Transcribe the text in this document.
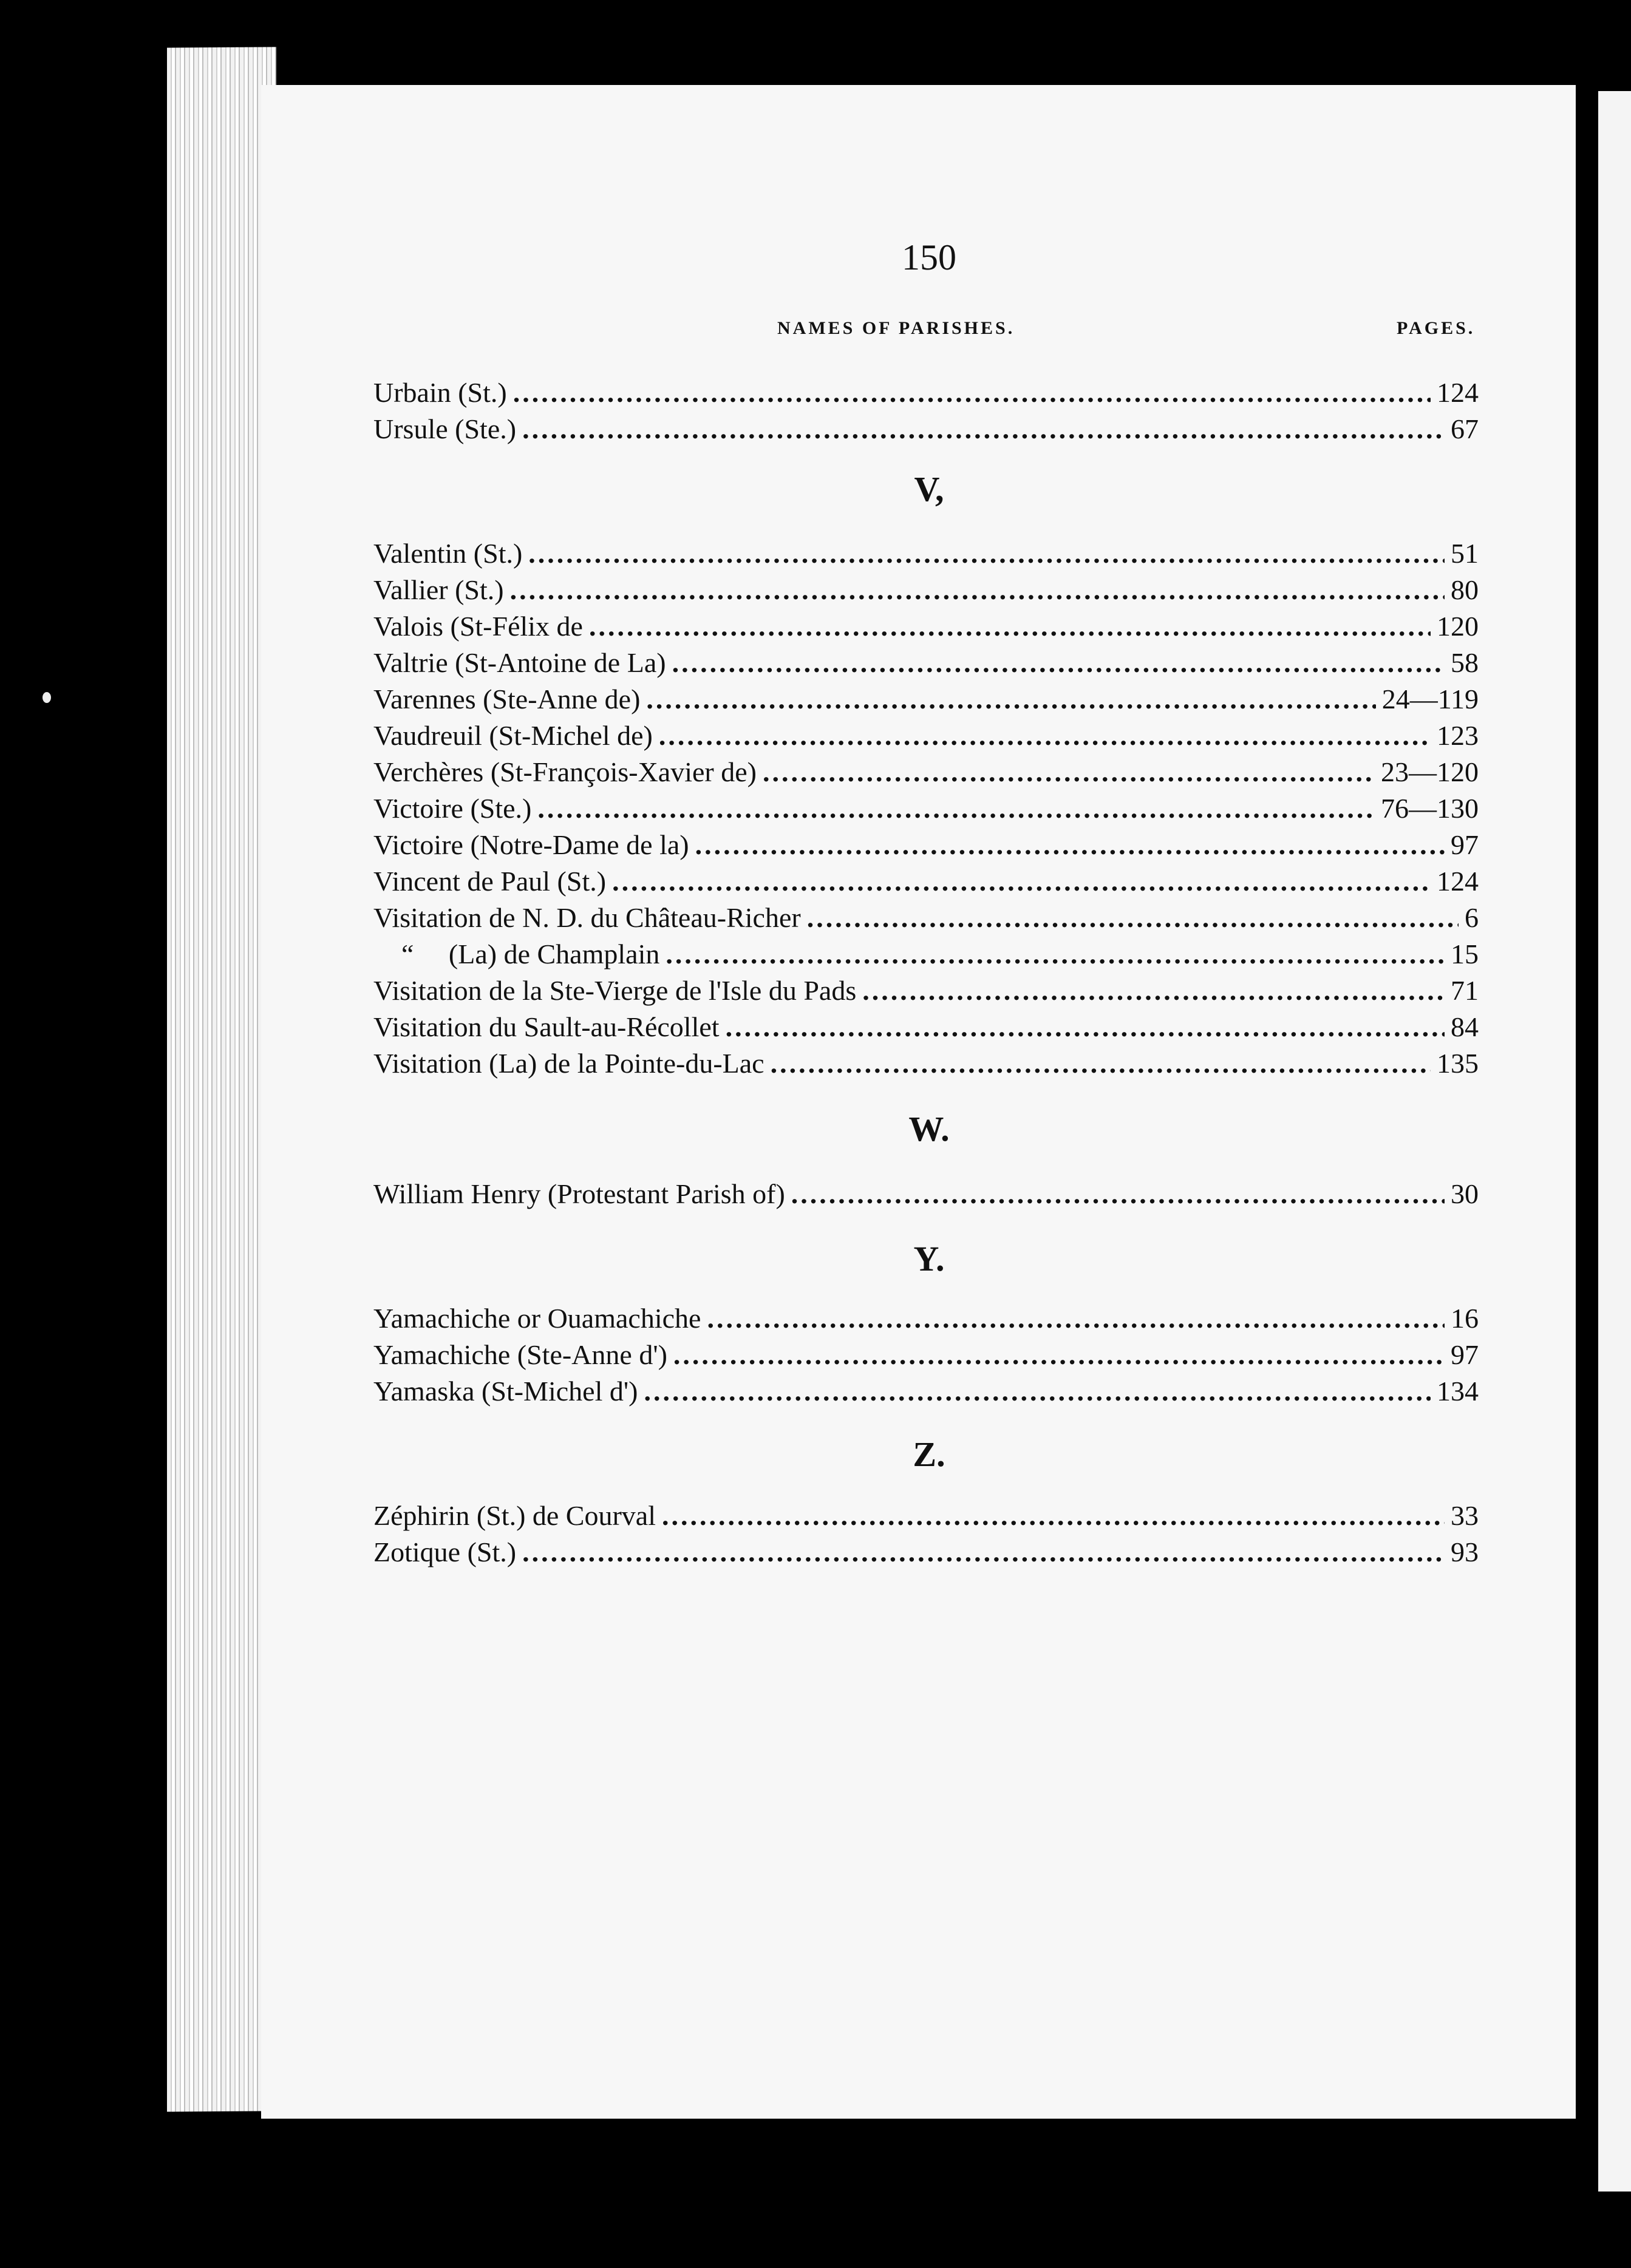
150
NAMES OF PARISHES.	PAGES.
Urbain (St.) .....	124
Ursule (Ste.) .....	67
V,
Valentin (St.) .....	51
Vallier (St.) .....	80
Valois (St-Félix de .....	120
Valtrie (St-Antoine de La) .....	58
Varennes (Ste-Anne de) .....	24—119
Vaudreuil (St-Michel de) .....	123
Verchères (St-François-Xavier de) .....	23—120
Victoire (Ste.) .....	76—130
Victoire (Notre-Dame de la) .....	97
Vincent de Paul (St.) .....	124
Visitation de N. D. du Château-Richer .....	6
“     (La) de Champlain .....	15
Visitation de la Ste-Vierge de l'Isle du Pads .....	71
Visitation du Sault-au-Récollet .....	84
Visitation (La) de la Pointe-du-Lac .....	135
W.
William Henry (Protestant Parish of) .....	30
Y.
Yamachiche or Ouamachiche .....	16
Yamachiche (Ste-Anne d') .....	97
Yamaska (St-Michel d') .....	134
Z.
Zéphirin (St.) de Courval .....	33
Zotique (St.) .....	93
